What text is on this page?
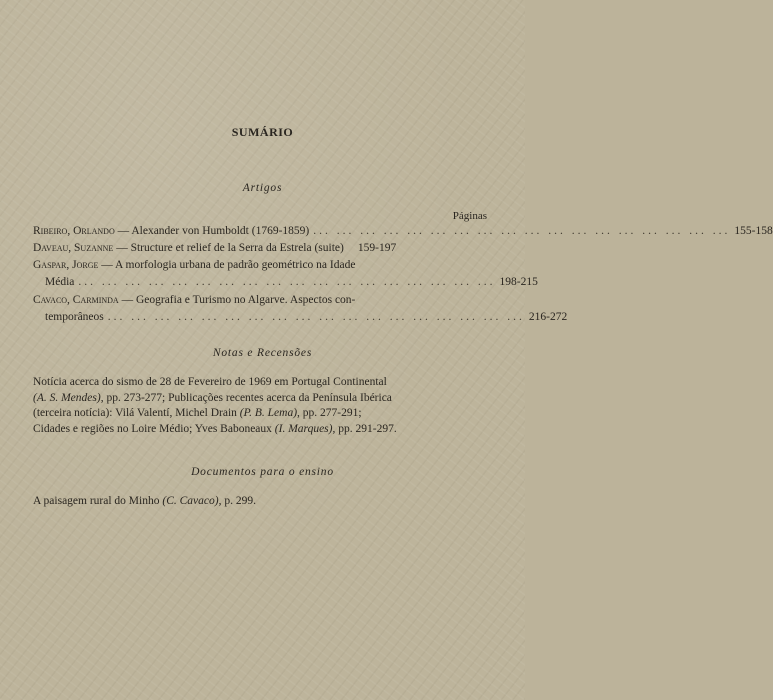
SUMÁRIO
Artigos
Páginas
Ribeiro, Orlando — Alexander von Humboldt (1769-1859) ... ... ... ... ... ... ... ... ... ... ... ... ... ... ... ... ... ... 155-158
Daveau, Suzanne — Structure et relief de la Serra da Estrela (suite) 159-197
Gaspar, Jorge — A morfologia urbana de padrão geométrico na Idade
Média ... ... ... ... ... ... ... ... ... ... ... ... ... ... ... ... ... ... 198-215
Cavaco, Carminda — Geografia e Turismo no Algarve. Aspectos con-
temporâneos ... ... ... ... ... ... ... ... ... ... ... ... ... ... ... ... ... ... 216-272
Notas e Recensões
Notícia acerca do sismo de 28 de Fevereiro de 1969 em Portugal Continental
(A. S. Mendes), pp. 273-277; Publicações recentes acerca da Península Ibérica
(terceira notícia): Vilá Valentí, Michel Drain (P. B. Lema), pp. 277-291;
Cidades e regiões no Loire Médio; Yves Baboneaux (I. Marques), pp. 291-297.
Documentos para o ensino
A paisagem rural do Minho (C. Cavaco), p. 299.
